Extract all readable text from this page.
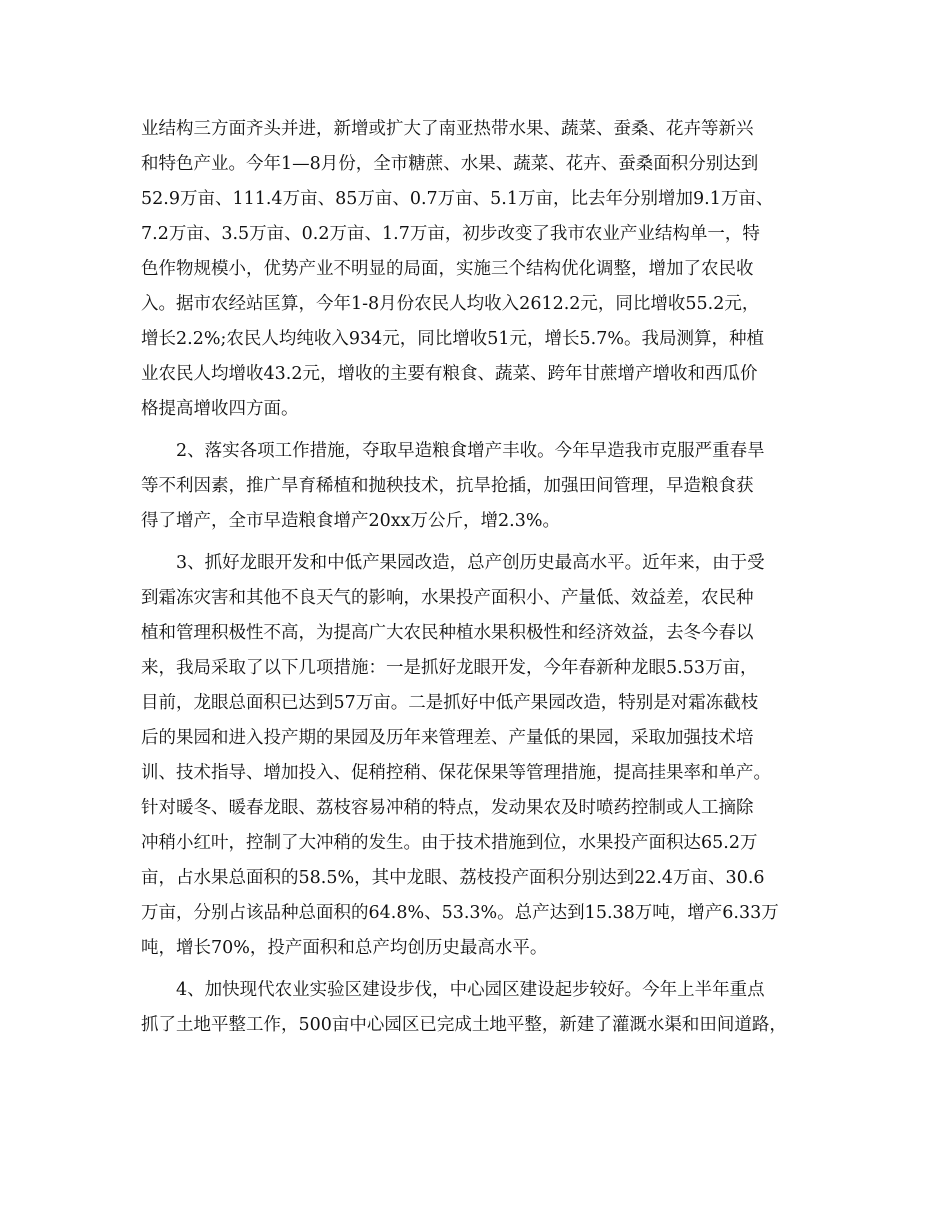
业结构三方面齐头并进，新增或扩大了南亚热带水果、蔬菜、蚕桑、花卉等新兴
和特色产业。今年1—8月份，全市糖蔗、水果、蔬菜、花卉、蚕桑面积分别达到
52.9万亩、111.4万亩、85万亩、0.7万亩、5.1万亩，比去年分别增加9.1万亩、
7.2万亩、3.5万亩、0.2万亩、1.7万亩，初步改变了我市农业产业结构单一，特
色作物规模小，优势产业不明显的局面，实施三个结构优化调整，增加了农民收
入。据市农经站匡算，今年1-8月份农民人均收入2612.2元，同比增收55.2元，
增长2.2%;农民人均纯收入934元，同比增收51元，增长5.7%。我局测算，种植
业农民人均增收43.2元，增收的主要有粮食、蔬菜、跨年甘蔗增产增收和西瓜价
格提高增收四方面。
2、落实各项工作措施，夺取早造粮食增产丰收。今年早造我市克服严重春旱
等不利因素，推广旱育稀植和抛秧技术，抗旱抢插，加强田间管理，早造粮食获
得了增产，全市早造粮食增产20xx万公斤，增2.3%。
3、抓好龙眼开发和中低产果园改造，总产创历史最高水平。近年来，由于受
到霜冻灾害和其他不良天气的影响，水果投产面积小、产量低、效益差，农民种
植和管理积极性不高，为提高广大农民种植水果积极性和经济效益，去冬今春以
来，我局采取了以下几项措施：一是抓好龙眼开发，今年春新种龙眼5.53万亩，
目前，龙眼总面积已达到57万亩。二是抓好中低产果园改造，特别是对霜冻截枝
后的果园和进入投产期的果园及历年来管理差、产量低的果园，采取加强技术培
训、技术指导、增加投入、促稍控稍、保花保果等管理措施，提高挂果率和单产。
针对暖冬、暖春龙眼、荔枝容易冲稍的特点，发动果农及时喷药控制或人工摘除
冲稍小红叶，控制了大冲稍的发生。由于技术措施到位，水果投产面积达65.2万
亩，占水果总面积的58.5%，其中龙眼、荔枝投产面积分别达到22.4万亩、30.6
万亩，分别占该品种总面积的64.8%、53.3%。总产达到15.38万吨，增产6.33万
吨，增长70%，投产面积和总产均创历史最高水平。
4、加快现代农业实验区建设步伐，中心园区建设起步较好。今年上半年重点
抓了土地平整工作，500亩中心园区已完成土地平整，新建了灌溉水渠和田间道路，
